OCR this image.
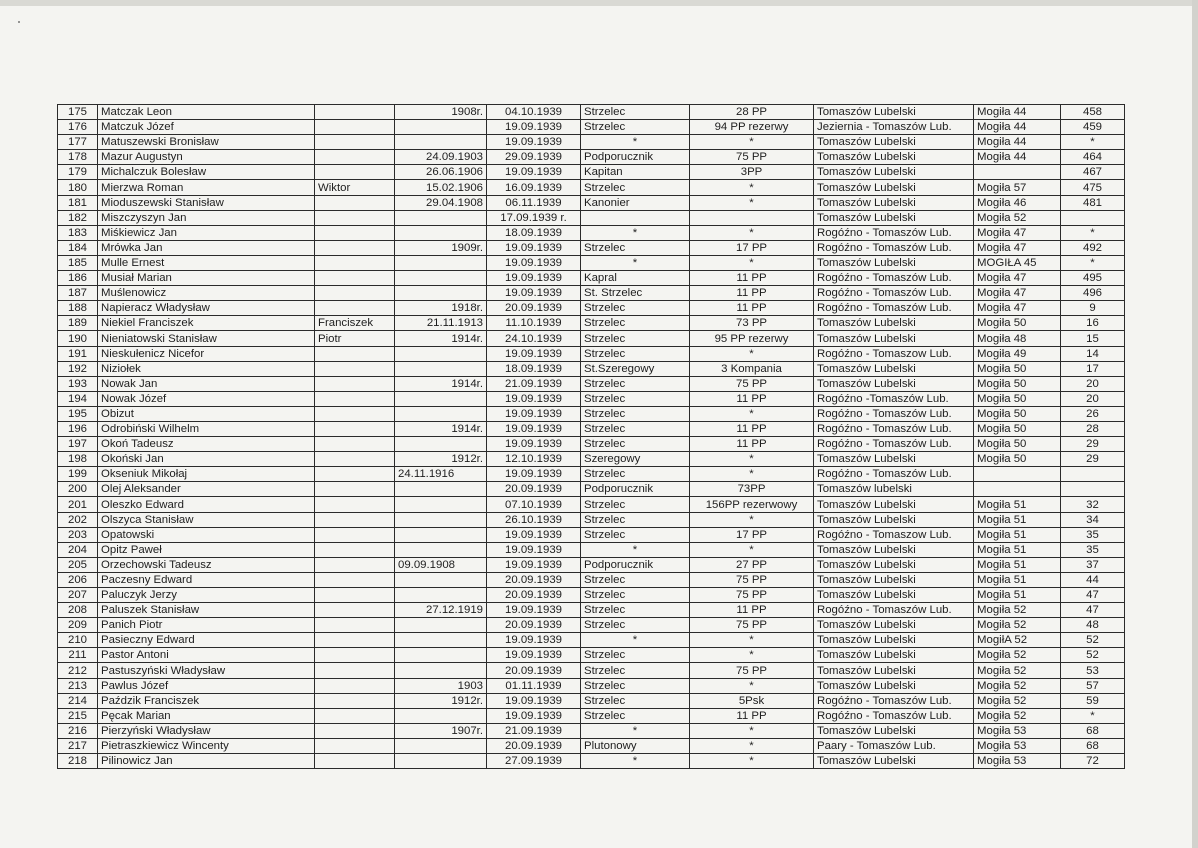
175	Matczak Leon		1908r.	04.10.1939	Strzelec	28 PP	Tomaszów Lubelski	Mogiła 44	458
176	Matczuk Józef			19.09.1939	Strzelec	94 PP rezerwy	Jeziernia - Tomaszów Lub.	Mogiła 44	459
177	Matuszewski Bronisław			19.09.1939	*	*	Tomaszów Lubelski	Mogiła 44	*
178	Mazur Augustyn		24.09.1903	29.09.1939	Podporucznik	75 PP	Tomaszów Lubelski	Mogiła 44	464
179	Michalczuk Bolesław		26.06.1906	19.09.1939	Kapitan	3PP	Tomaszów Lubelski		467
180	Mierzwa Roman	Wiktor	15.02.1906	16.09.1939	Strzelec	*	Tomaszów Lubelski	Mogiła 57	475
181	Mioduszewski Stanisław		29.04.1908	06.11.1939	Kanonier	*	Tomaszów Lubelski	Mogiła 46	481
182	Miszczyszyn Jan			17.09.1939 r.			Tomaszów Lubelski	Mogiła 52	
183	Miśkiewicz Jan			18.09.1939	*	*	Rogóźno - Tomaszów Lub.	Mogiła 47	*
184	Mrówka Jan		1909r.	19.09.1939	Strzelec	17 PP	Rogóźno - Tomaszów Lub.	Mogiła 47	492
185	Mulle Ernest			19.09.1939	*	*	Tomaszów Lubelski	MOGIŁA 45	*
186	Musiał Marian			19.09.1939	Kapral	11 PP	Rogóźno - Tomaszów Lub.	Mogiła 47	495
187	Muślenowicz			19.09.1939	St. Strzelec	11 PP	Rogóźno - Tomaszów Lub.	Mogiła 47	496
188	Napieracz Władysław		1918r.	20.09.1939	Strzelec	11 PP	Rogóźno - Tomaszów Lub.	Mogiła 47	9
189	Niekiel Franciszek	Franciszek	21.11.1913	11.10.1939	Strzelec	73 PP	Tomaszów Lubelski	Mogiła 50	16
190	Nieniatowski Stanisław	Piotr	1914r.	24.10.1939	Strzelec	95 PP rezerwy	Tomaszów Lubelski	Mogiła 48	15
191	Nieskułenicz Nicefor			19.09.1939	Strzelec	*	Rogóźno - Tomaszow Lub.	Mogiła 49	14
192	Niziołek			18.09.1939	St.Szeregowy	3 Kompania	Tomaszów Lubelski	Mogiła 50	17
193	Nowak Jan		1914r.	21.09.1939	Strzelec	75 PP	Tomaszów Lubelski	Mogiła 50	20
194	Nowak Józef			19.09.1939	Strzelec	11 PP	Rogóźno -Tomaszów Lub.	Mogiła 50	20
195	Obizut			19.09.1939	Strzelec	*	Rogóźno - Tomaszów Lub.	Mogiła 50	26
196	Odrobiński Wilhelm		1914r.	19.09.1939	Strzelec	11 PP	Rogóźno - Tomaszów Lub.	Mogiła 50	28
197	Okoń Tadeusz			19.09.1939	Strzelec	11 PP	Rogóźno - Tomaszów Lub.	Mogiła 50	29
198	Okoński Jan		1912r.	12.10.1939	Szeregowy	*	Tomaszów Lubelski	Mogiła 50	29
199	Okseniuk Mikołaj		24.11.1916	19.09.1939	Strzelec	*	Rogóźno - Tomaszów Lub.		
200	Olej Aleksander			20.09.1939	Podporucznik	73PP	Tomaszów lubelski		
201	Oleszko Edward			07.10.1939	Strzelec	156PP rezerwowy	Tomaszów Lubelski	Mogiła 51	32
202	Olszyca Stanisław			26.10.1939	Strzelec	*	Tomaszów Lubelski	Mogiła 51	34
203	Opatowski			19.09.1939	Strzelec	17 PP	Rogóźno - Tomaszow Lub.	Mogiła 51	35
204	Opitz Paweł			19.09.1939	*	*	Tomaszów Lubelski	Mogiła 51	35
205	Orzechowski Tadeusz		09.09.1908	19.09.1939	Podporucznik	27 PP	Tomaszów Lubelski	Mogiła 51	37
206	Paczesny Edward			20.09.1939	Strzelec	75 PP	Tomaszów Lubelski	Mogiła 51	44
207	Paluczyk Jerzy			20.09.1939	Strzelec	75 PP	Tomaszów Lubelski	Mogiła 51	47
208	Paluszek Stanisław		27.12.1919	19.09.1939	Strzelec	11 PP	Rogóźno - Tomaszów Lub.	Mogiła 52	47
209	Panich Piotr			20.09.1939	Strzelec	75 PP	Tomaszów Lubelski	Mogiła 52	48
210	Pasieczny Edward			19.09.1939	*	*	Tomaszów Lubelski	MogiłA 52	52
211	Pastor Antoni			19.09.1939	Strzelec	*	Tomaszów Lubelski	Mogiła 52	52
212	Pastuszyński Władysław			20.09.1939	Strzelec	75 PP	Tomaszów Lubelski	Mogiła 52	53
213	Pawlus Józef		1903	01.11.1939	Strzelec	*	Tomaszów Lubelski	Mogiła 52	57
214	Paździk Franciszek		1912r.	19.09.1939	Strzelec	5Psk	Rogóźno - Tomaszów Lub.	Mogiła 52	59
215	Pęcak Marian			19.09.1939	Strzelec	11 PP	Rogóźno - Tomaszów Lub.	Mogiła 52	*
216	Pierzyński Władysław		1907r.	21.09.1939	*	*	Tomaszów Lubelski	Mogiła 53	68
217	Pietraszkiewicz Wincenty			20.09.1939	Plutonowy	*	Paary - Tomaszów Lub.	Mogiła 53	68
218	Pilinowicz Jan			27.09.1939	*	*	Tomaszów Lubelski	Mogiła 53	72
